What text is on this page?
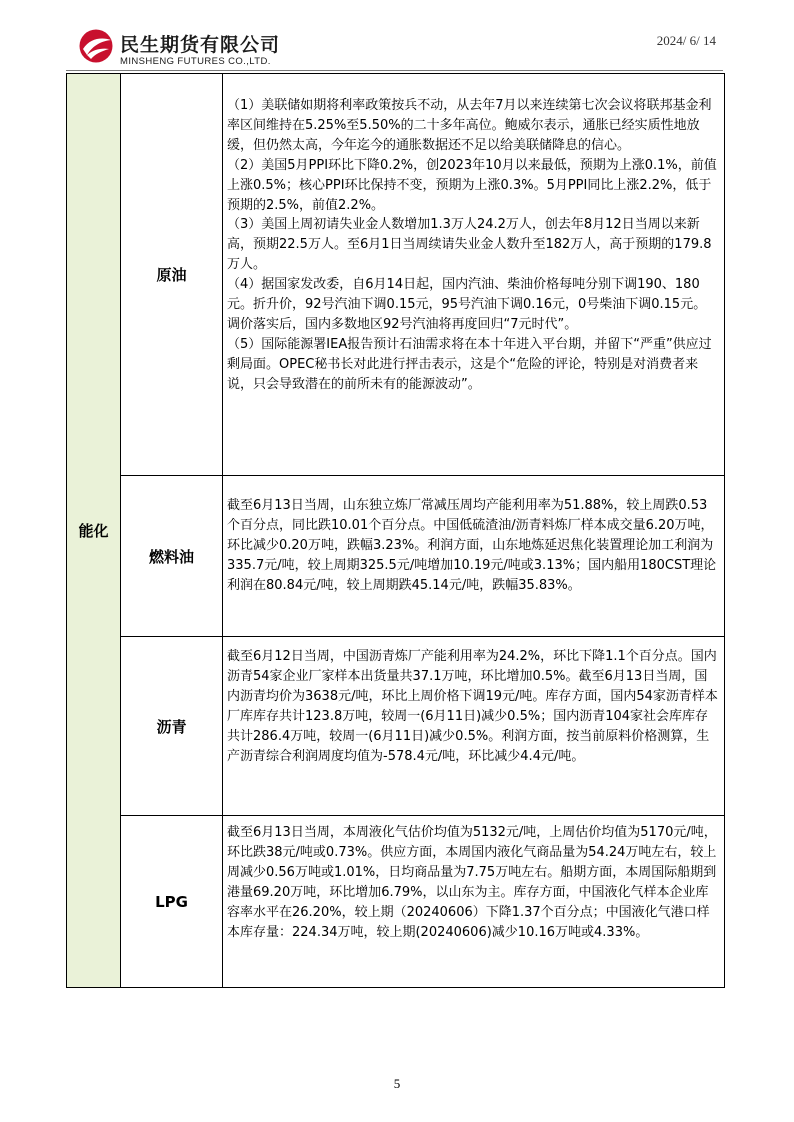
民生期货有限公司
MINSHENG FUTURES CO.,LTD.
2024/ 6/ 14
能化	原油	（1）美联储如期将利率政策按兵不动，从去年7月以来连续第七次会议将联邦基金利率区间维持在5.25%至5.50%的二十多年高位。鲍威尔表示，通胀已经实质性地放缓，但仍然太高，今年迄今的通胀数据还不足以给美联储降息的信心。

（2）美国5月PPI环比下降0.2%，创2023年10月以来最低，预期为上涨0.1%，前值上涨0.5%；核心PPI环比保持不变，预期为上涨0.3%。5月PPI同比上涨2.2%，低于预期的2.5%，前值2.2%。

（3）美国上周初请失业金人数增加1.3万人24.2万人，创去年8月12日当周以来新高，预期22.5万人。至6月1日当周续请失业金人数升至182万人，高于预期的179.8万人。

（4）据国家发改委，自6月14日起，国内汽油、柴油价格每吨分别下调190、180元。折升价，92号汽油下调0.15元，95号汽油下调0.16元，0号柴油下调0.15元。调价落实后，国内多数地区92号汽油将再度回归“7元时代”。

（5）国际能源署IEA报告预计石油需求将在本十年进入平台期，并留下“严重”供应过剩局面。OPEC秘书长对此进行抨击表示，这是个“危险的评论，特别是对消费者来说，只会导致潜在的前所未有的能源波动”。

	燃料油	截至6月13日当周，山东独立炼厂常减压周均产能利用率为51.88%，较上周跌0.53个百分点，同比跌10.01个百分点。中国低硫渣油/沥青料炼厂样本成交量6.20万吨，环比减少0.20万吨，跌幅3.23%。利润方面，山东地炼延迟焦化装置理论加工利润为335.7元/吨，较上周期325.5元/吨增加10.19元/吨或3.13%；国内船用180CST理论利润在80.84元/吨，较上周期跌45.14元/吨，跌幅35.83%。

	沥青	截至6月12日当周，中国沥青炼厂产能利用率为24.2%，环比下降1.1个百分点。国内沥青54家企业厂家样本出货量共37.1万吨，环比增加0.5%。截至6月13日当周，国内沥青均价为3638元/吨，环比上周价格下调19元/吨。库存方面，国内54家沥青样本厂库库存共计123.8万吨，较周一(6月11日)减少0.5%；国内沥青104家社会库库存共计286.4万吨，较周一(6月11日)减少0.5%。利润方面，按当前原料价格测算，生产沥青综合利润周度均值为-578.4元/吨，环比减少4.4元/吨。

	LPG	截至6月13日当周，本周液化气估价均值为5132元/吨，上周估价均值为5170元/吨，环比跌38元/吨或0.73%。供应方面，本周国内液化气商品量为54.24万吨左右，较上周减少0.56万吨或1.01%，日均商品量为7.75万吨左右。船期方面，本周国际船期到港量69.20万吨，环比增加6.79%，以山东为主。库存方面，中国液化气样本企业库容率水平在26.20%，较上期（20240606）下降1.37个百分点；中国液化气港口样本库存量：224.34万吨，较上期(20240606)减少10.16万吨或4.33%。

5
